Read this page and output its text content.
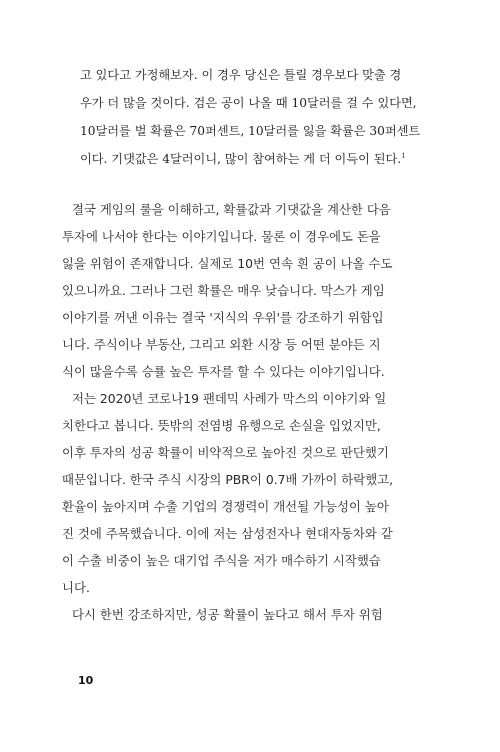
고 있다고 가정해보자. 이 경우 당신은 틀릴 경우보다 맞출 경
우가 더 많을 것이다. 검은 공이 나올 때 10달러를 걸 수 있다면,
10달러를 벌 확률은 70퍼센트, 10달러를 잃을 확률은 30퍼센트
이다. 기댓값은 4달러이니, 많이 참여하는 게 더 이득이 된다.$^1$
결국 게임의 룰을 이해하고, 확률값과 기댓값을 계산한 다음
투자에 나서야 한다는 이야기입니다. 물론 이 경우에도 돈을
잃을 위험이 존재합니다. 실제로 10번 연속 흰 공이 나올 수도
있으니까요. 그러나 그런 확률은 매우 낮습니다. 막스가 게임
이야기를 꺼낸 이유는 결국 '지식의 우위'를 강조하기 위함입
니다. 주식이나 부동산, 그리고 외환 시장 등 어떤 분야든 지
식이 많을수록 승률 높은 투자를 할 수 있다는 이야기입니다.
저는 2020년 코로나19 팬데믹 사례가 막스의 이야기와 일
치한다고 봅니다. 뜻밖의 전염병 유행으로 손실을 입었지만,
이후 투자의 성공 확률이 비약적으로 높아진 것으로 판단했기
때문입니다. 한국 주식 시장의 PBR이 0.7배 가까이 하락했고,
환율이 높아지며 수출 기업의 경쟁력이 개선될 가능성이 높아
진 것에 주목했습니다. 이에 저는 삼성전자나 현대자동차와 같
이 수출 비중이 높은 대기업 주식을 저가 매수하기 시작했습
니다.
다시 한번 강조하지만, 성공 확률이 높다고 해서 투자 위험
10
